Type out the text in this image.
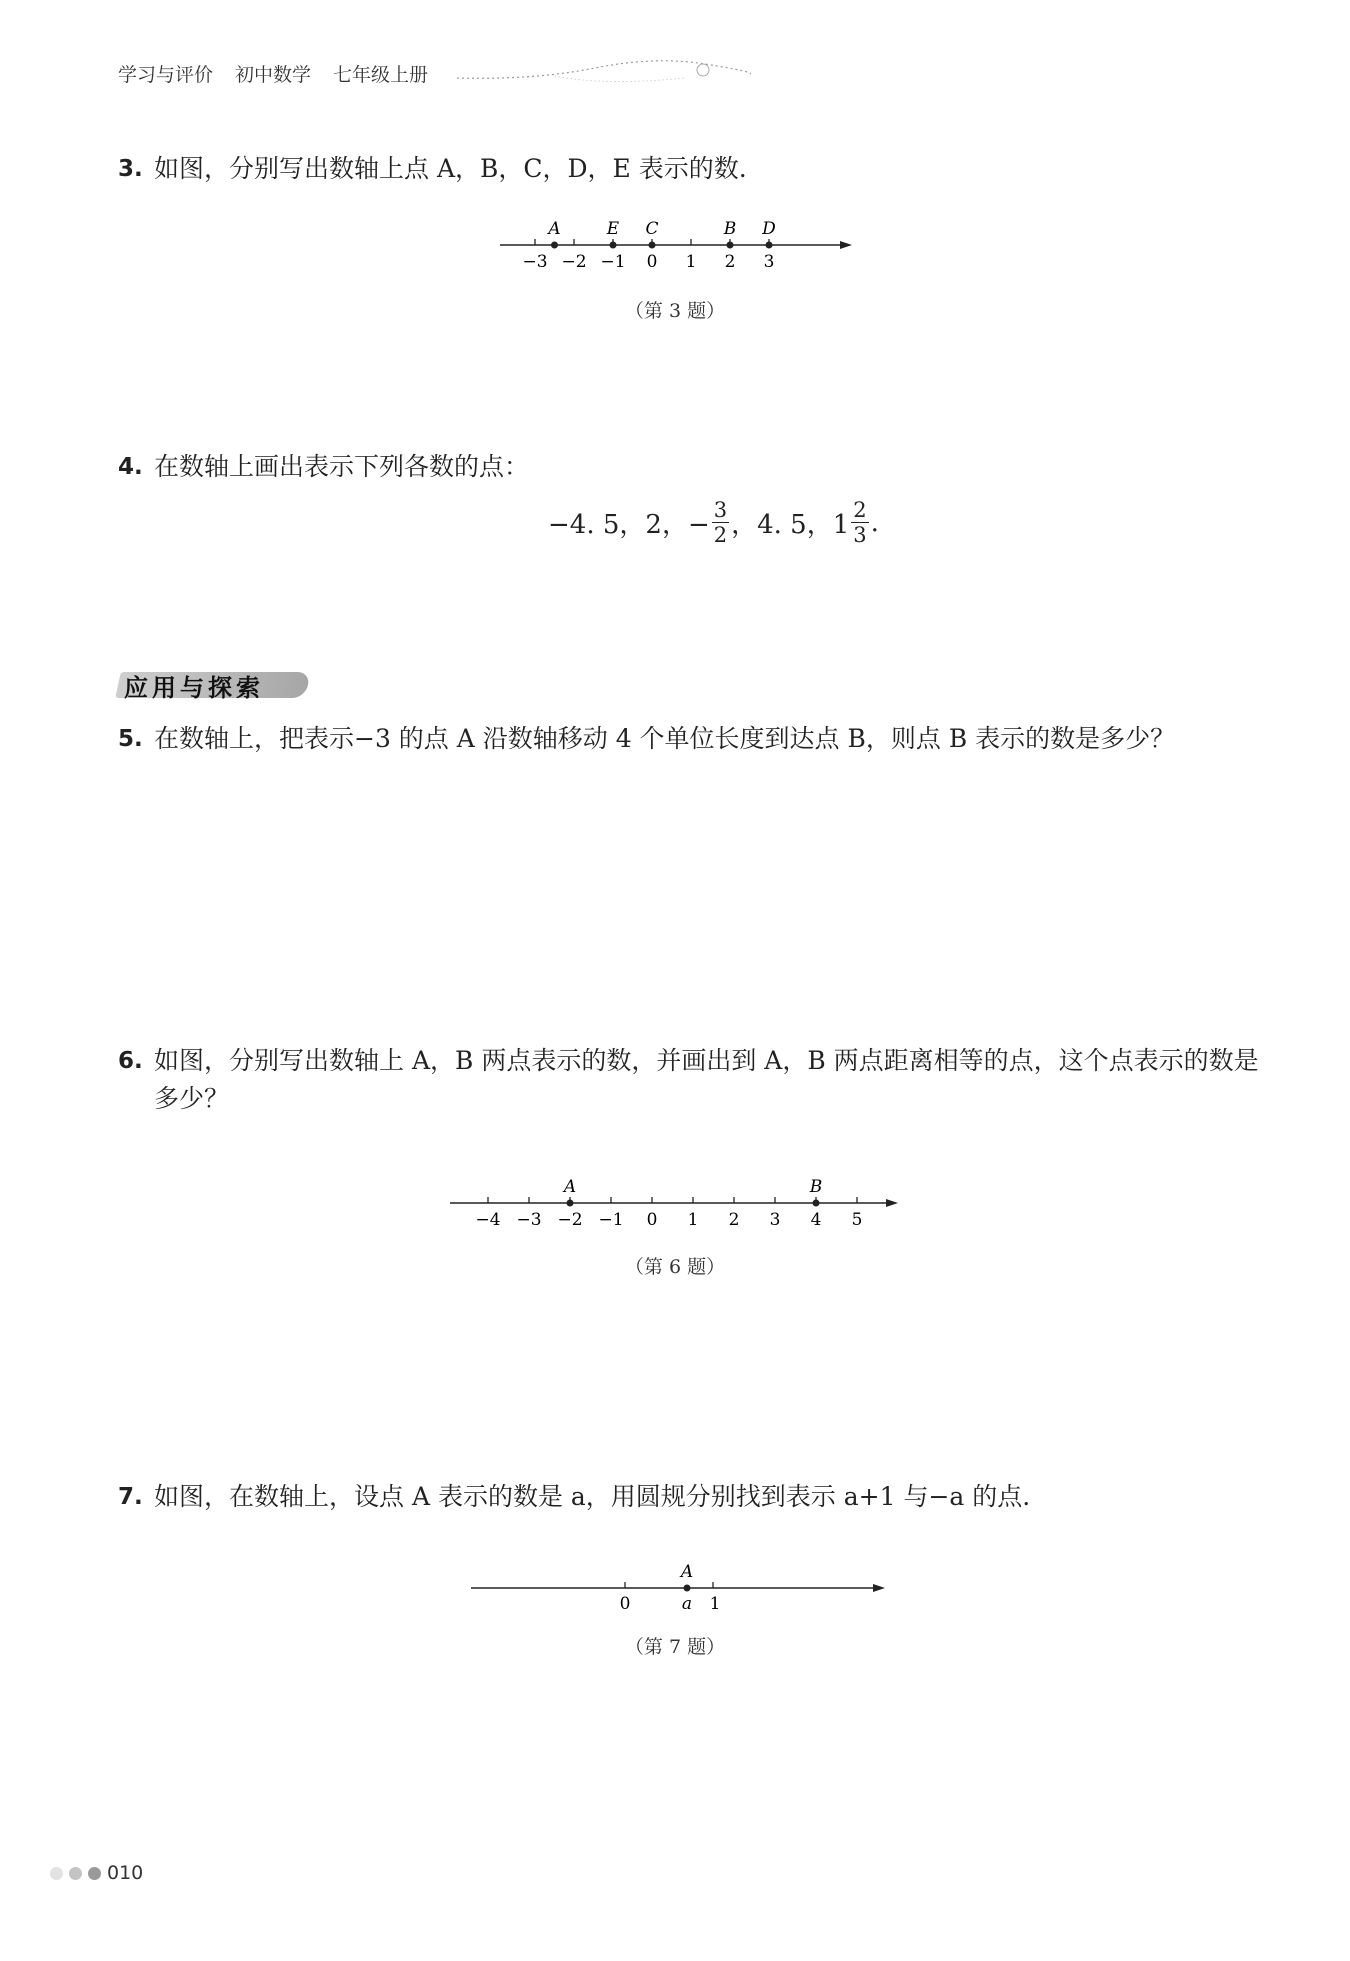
学习与评价 初中数学 七年级上册
3. 如图，分别写出数轴上点 A，B，C，D，E 表示的数.
−3 −2 −1 0 1 2 3
A	E C	B D
（第 3 题）
4. 在数轴上画出表示下列各数的点：
−4. 5，2，− $\frac{3}{2}$ ，4. 5，$1 \frac{2}{3}$ .
应用与探索
5. 在数轴上，把表示−3 的点 A 沿数轴移动 4 个单位长度到达点 B，则点 B 表示的数是多少？
6. 如图，分别写出数轴上 A，B 两点表示的数，并画出到 A，B 两点距离相等的点，这个点表示的数是多少？
−4 −3 −2 −1 0 1 2 3 4 5
A	B
（第 6 题）
7. 如图，在数轴上，设点 A 表示的数是 a，用圆规分别找到表示 a+1 与−a 的点.
A
0	a 1
（第 7 题）
010
